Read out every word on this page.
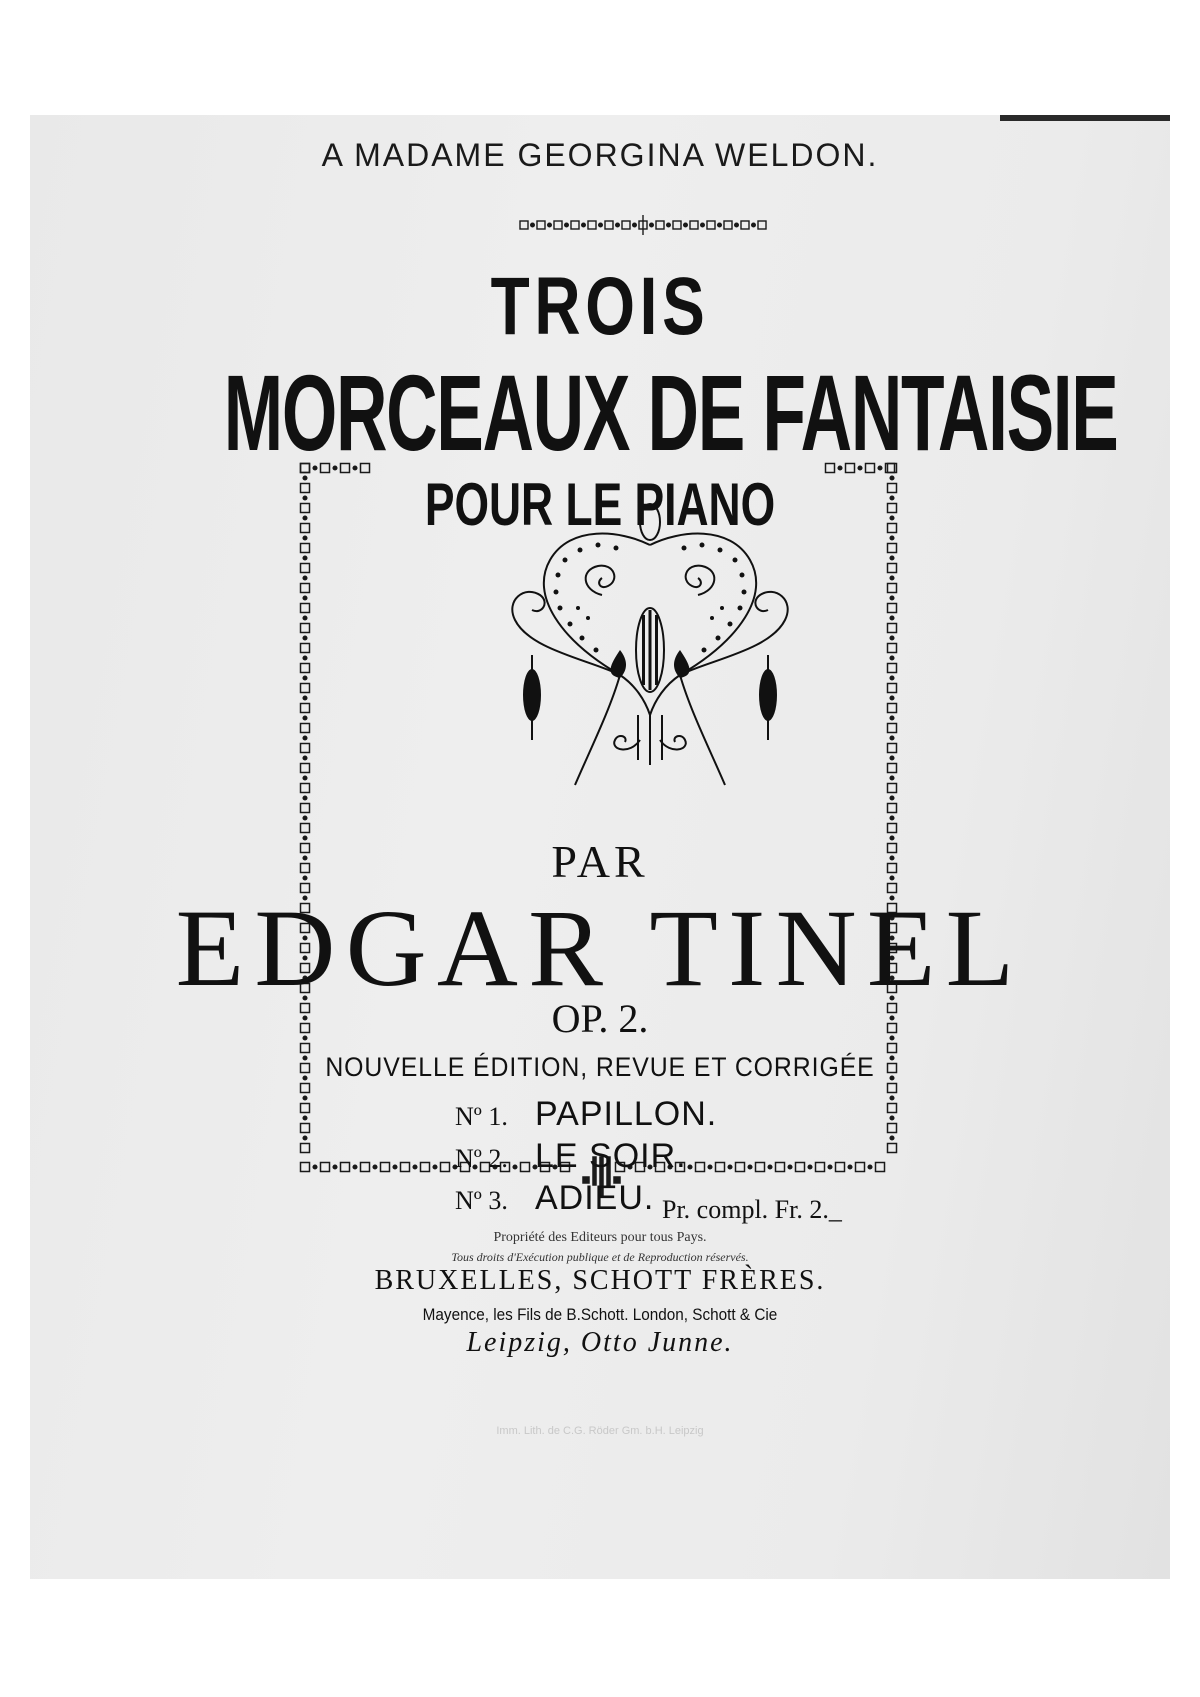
A MADAME GEORGINA WELDON.
TROIS
MORCEAUX DE FANTAISIE
POUR LE PIANO
PAR
EDGAR TINEL
OP. 2.
NOUVELLE ÉDITION, REVUE ET CORRIGÉE
Nº 1. PAPILLON.
Nº 2. LE SOIR.
Nº 3. ADIEU. Pr. compl. Fr. 2._
Propriété des Editeurs pour tous Pays.
Tous droits d'Exécution publique et de Reproduction réservés.
BRUXELLES, SCHOTT FRÈRES.
Mayence, les Fils de B.Schott. London, Schott & Cie
Leipzig, Otto Junne.
Imm. Lith. de C.G. Röder Gm. b.H. Leipzig
